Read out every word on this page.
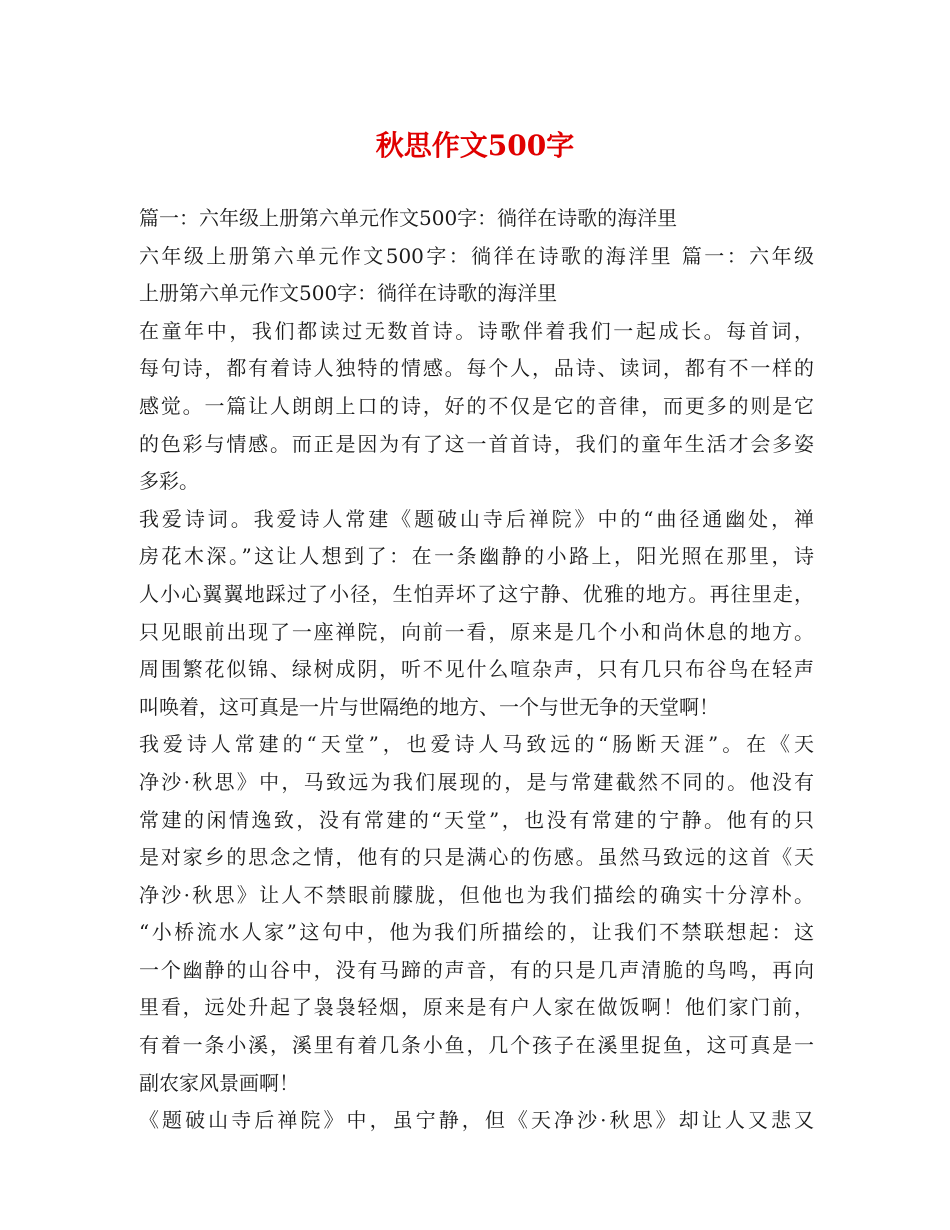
秋思作文500字
篇一：六年级上册第六单元作文500字：徜徉在诗歌的海洋里
六年级上册第六单元作文500字：徜徉在诗歌的海洋里 篇一：六年级
上册第六单元作文500字：徜徉在诗歌的海洋里
在童年中，我们都读过无数首诗。诗歌伴着我们一起成长。每首词，
每句诗，都有着诗人独特的情感。每个人，品诗、读词，都有不一样的
感觉。一篇让人朗朗上口的诗，好的不仅是它的音律，而更多的则是它
的色彩与情感。而正是因为有了这一首首诗，我们的童年生活才会多姿
多彩。
我爱诗词。我爱诗人常建《题破山寺后禅院》中的“曲径通幽处，禅
房花木深。”这让人想到了：在一条幽静的小路上，阳光照在那里，诗
人小心翼翼地踩过了小径，生怕弄坏了这宁静、优雅的地方。再往里走，
只见眼前出现了一座禅院，向前一看，原来是几个小和尚休息的地方。
周围繁花似锦、绿树成阴，听不见什么喧杂声，只有几只布谷鸟在轻声
叫唤着，这可真是一片与世隔绝的地方、一个与世无争的天堂啊！
我爱诗人常建的“天堂”，也爱诗人马致远的“肠断天涯”。在《天
净沙·秋思》中，马致远为我们展现的，是与常建截然不同的。他没有
常建的闲情逸致，没有常建的“天堂”，也没有常建的宁静。他有的只
是对家乡的思念之情，他有的只是满心的伤感。虽然马致远的这首《天
净沙·秋思》让人不禁眼前朦胧，但他也为我们描绘的确实十分淳朴。
“小桥流水人家”这句中，他为我们所描绘的，让我们不禁联想起：这
一个幽静的山谷中，没有马蹄的声音，有的只是几声清脆的鸟鸣，再向
里看，远处升起了袅袅轻烟，原来是有户人家在做饭啊！他们家门前，
有着一条小溪，溪里有着几条小鱼，几个孩子在溪里捉鱼，这可真是一
副农家风景画啊！
《题破山寺后禅院》中，虽宁静，但《天净沙·秋思》却让人又悲又
